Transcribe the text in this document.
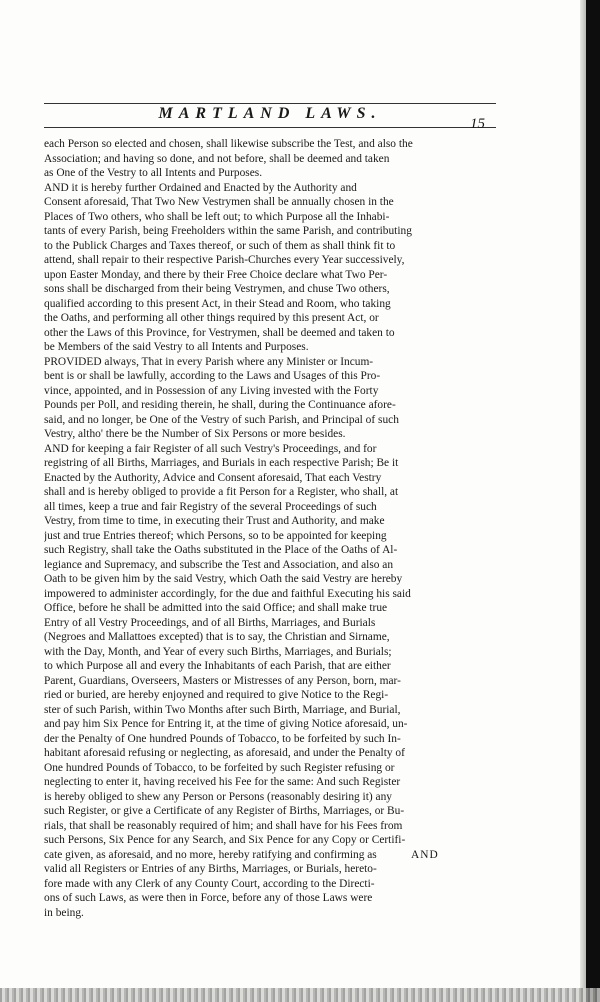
MARTLAND LAWS.
15
each Person so elected and chosen, shall likewise subscribe the Test, and also the
Association; and having so done, and not before, shall be deemed and taken
as One of the Vestry to all Intents and Purposes.
AND it is hereby further Ordained and Enacted by the Authority and
Consent aforesaid, That Two New Vestrymen shall be annually chosen in the
Places of Two others, who shall be left out; to which Purpose all the Inhabi-
tants of every Parish, being Freeholders within the same Parish, and contributing
to the Publick Charges and Taxes thereof, or such of them as shall think fit to
attend, shall repair to their respective Parish-Churches every Year successively,
upon Easter Monday, and there by their Free Choice declare what Two Per-
sons shall be discharged from their being Vestrymen, and chuse Two others,
qualified according to this present Act, in their Stead and Room, who taking
the Oaths, and performing all other things required by this present Act, or
other the Laws of this Province, for Vestrymen, shall be deemed and taken to
be Members of the said Vestry to all Intents and Purposes.
PROVIDED always, That in every Parish where any Minister or Incum-
bent is or shall be lawfully, according to the Laws and Usages of this Pro-
vince, appointed, and in Possession of any Living invested with the Forty
Pounds per Poll, and residing therein, he shall, during the Continuance afore-
said, and no longer, be One of the Vestry of such Parish, and Principal of such
Vestry, altho' there be the Number of Six Persons or more besides.
AND for keeping a fair Register of all such Vestry's Proceedings, and for
registring of all Births, Marriages, and Burials in each respective Parish; Be it
Enacted by the Authority, Advice and Consent aforesaid, That each Vestry
shall and is hereby obliged to provide a fit Person for a Register, who shall, at
all times, keep a true and fair Registry of the several Proceedings of such
Vestry, from time to time, in executing their Trust and Authority, and make
just and true Entries thereof; which Persons, so to be appointed for keeping
such Registry, shall take the Oaths substituted in the Place of the Oaths of Al-
legiance and Supremacy, and subscribe the Test and Association, and also an
Oath to be given him by the said Vestry, which Oath the said Vestry are hereby
impowered to administer accordingly, for the due and faithful Executing his said
Office, before he shall be admitted into the said Office; and shall make true
Entry of all Vestry Proceedings, and of all Births, Marriages, and Burials
(Negroes and Mallattoes excepted) that is to say, the Christian and Sirname,
with the Day, Month, and Year of every such Births, Marriages, and Burials;
to which Purpose all and every the Inhabitants of each Parish, that are either
Parent, Guardians, Overseers, Masters or Mistresses of any Person, born, mar-
ried or buried, are hereby enjoyned and required to give Notice to the Regi-
ster of such Parish, within Two Months after such Birth, Marriage, and Burial,
and pay him Six Pence for Entring it, at the time of giving Notice aforesaid, un-
der the Penalty of One hundred Pounds of Tobacco, to be forfeited by such In-
habitant aforesaid refusing or neglecting, as aforesaid, and under the Penalty of
One hundred Pounds of Tobacco, to be forfeited by such Register refusing or
neglecting to enter it, having received his Fee for the same: And such Register
is hereby obliged to shew any Person or Persons (reasonably desiring it) any
such Register, or give a Certificate of any Register of Births, Marriages, or Bu-
rials, that shall be reasonably required of him; and shall have for his Fees from
such Persons, Six Pence for any Search, and Six Pence for any Copy or Certifi-
cate given, as aforesaid, and no more, hereby ratifying and confirming as
valid all Registers or Entries of any Births, Marriages, or Burials, hereto-
fore made with any Clerk of any County Court, according to the Directi-
ons of such Laws, as were then in Force, before any of those Laws were
in being.
AND
